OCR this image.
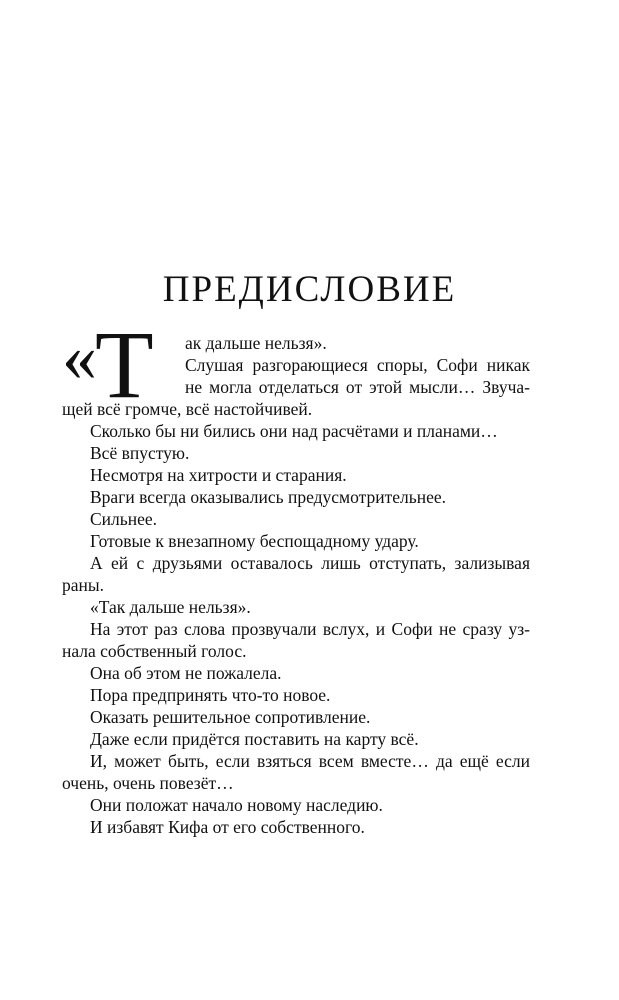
ПРЕДИСЛОВИЕ
« Т	ак дальше нельзя».
Слушая разгорающиеся споры, Софи никак
не могла отделаться от этой мысли… Звуча-
щей всё громче, всё настойчивей.
Сколько бы ни бились они над расчётами и планами…
Всё впустую.
Несмотря на хитрости и старания.
Враги всегда оказывались предусмотрительнее.
Сильнее.
Готовые к внезапному беспощадному удару.
А ей с друзьями оставалось лишь отступать, зализывая
раны.
«Так дальше нельзя».
На этот раз слова прозвучали вслух, и Софи не сразу уз-
нала собственный голос.
Она об этом не пожалела.
Пора предпринять что-то новое.
Оказать решительное сопротивление.
Даже если придётся поставить на карту всё.
И, может быть, если взяться всем вместе… да ещё если
очень, очень повезёт…
Они положат начало новому наследию.
И избавят Кифа от его собственного.
